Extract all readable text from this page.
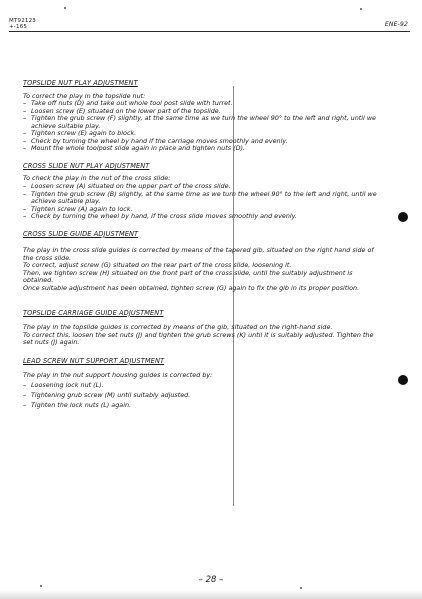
MT92123
+-165	ENE-92
TOPSLIDE NUT PLAY ADJUSTMENT

To correct the play in the topslide nut:

– Take off nuts (D) and take out whole tool post slide with turret.
– Loosen screw (E) situated on the lower part of the topslide.
– Tighten the grub screw (F) slightly, at the same time as we turn the wheel 90° to the left and right, until we achieve suitable play.
– Tighten screw (E) again to block.
– Check by turning the wheel by hand if the carriage moves smoothly and evenly.
– Mount the whole toolpost slide again in place and tighten nuts (D).
CROSS SLIDE NUT PLAY ADJUSTMENT

To check the play in the nut of the cross slide:

– Loosen screw (A) situated on the upper part of the cross slide.
– Tighten the grub screw (B) slightly, at the same time as we turn the wheel 90° to the left and right, until we achieve suitable play.
– Tighten screw (A) again to lock.
– Check by turning the wheel by hand, if the cross slide moves smoothly and evenly.
CROSS SLIDE GUIDE ADJUSTMENT

The play in the cross slide guides is corrected by means of the tapered gib, situated on the right hand side of the cross slide.

To correct, adjust screw (G) situated on the rear part of the cross slide, loosening it.

Then, we tighten screw (H) situated on the front part of the cross slide, until the suitably adjustment is obtained.

Once suitable adjustment has been obtained, tighten screw (G) again to fix the gib in its proper position.

TOPSLIDE CARRIAGE GUIDE ADJUSTMENT

The play in the topslide guides is corrected by means of the gib, situated on the right-hand side.

To correct this, loosen the set nuts (J) and tighten the grub screws (K) until it is suitably adjusted. Tighten the set nuts (J) again.

LEAD SCREW NUT SUPPORT ADJUSTMENT

The play in the nut support housing guides is corrected by:

– Loosening lock nut (L).
– Tightening grub screw (M) until suitably adjusted.
– Tighten the lock nuts (L) again.
– 28 –
